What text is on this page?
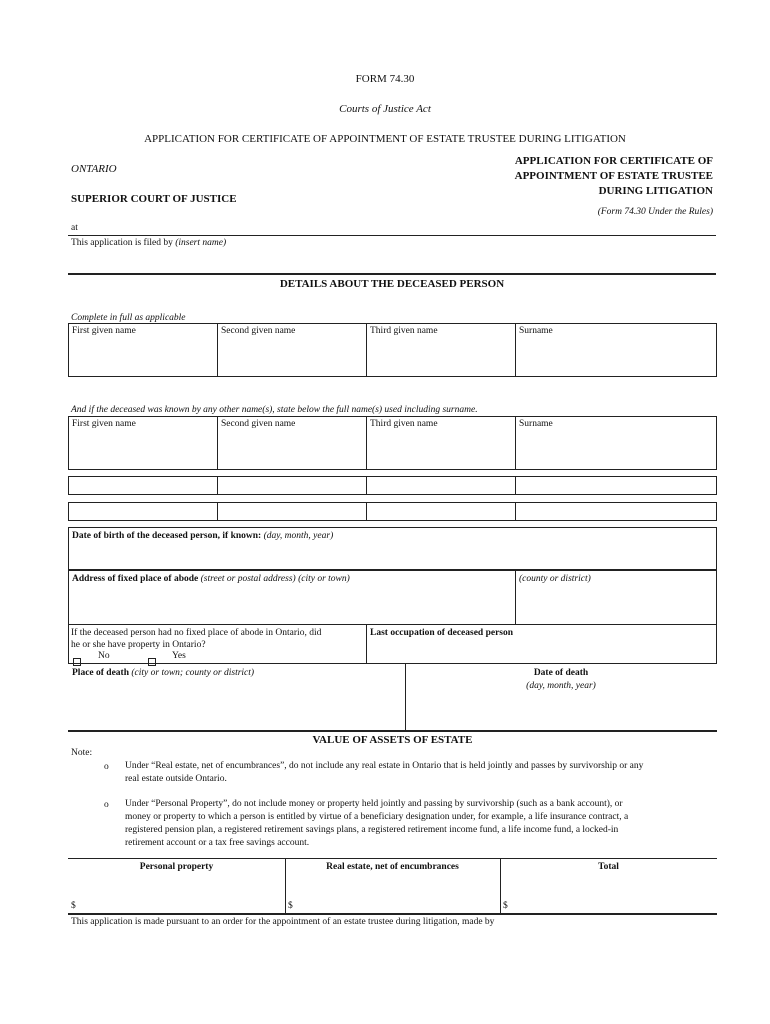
FORM 74.30
Courts of Justice Act
APPLICATION FOR CERTIFICATE OF APPOINTMENT OF ESTATE TRUSTEE DURING LITIGATION
ONTARIO
SUPERIOR COURT OF JUSTICE
APPLICATION FOR CERTIFICATE OF
APPOINTMENT OF ESTATE TRUSTEE
DURING LITIGATION
(Form 74.30 Under the Rules)
at
This application is filed by (insert name)
DETAILS ABOUT THE DECEASED PERSON
Complete in full as applicable
First given name	Second given name	Third given name	Surname
And if the deceased was known by any other name(s), state below the full name(s) used including surname.
First given name	Second given name	Third given name	Surname
Date of birth of the deceased person, if known: (day, month, year)
Address of fixed place of abode (street or postal address) (city or town)	(county or district)
If the deceased person had no fixed place of abode in Ontario, did
he or she have property in Ontario?
No	Yes
Last occupation of deceased person
Place of death (city or town; county or district)	Date of death
(day, month, year)
VALUE OF ASSETS OF ESTATE
Note:
o Under “Real estate, net of encumbrances”, do not include any real estate in Ontario that is held jointly and passes by survivorship or any

real estate outside Ontario.

o Under “Personal Property”, do not include money or property held jointly and passing by survivorship (such as a bank account), or

money or property to which a person is entitled by virtue of a beneficiary designation under, for example, a life insurance contract, a

registered pension plan, a registered retirement savings plans, a registered retirement income fund, a life income fund, a locked-in

retirement account or a tax free savings account.

Personal property	Real estate, net of encumbrances	Total
$	$	$
This application is made pursuant to an order for the appointment of an estate trustee during litigation, made by
